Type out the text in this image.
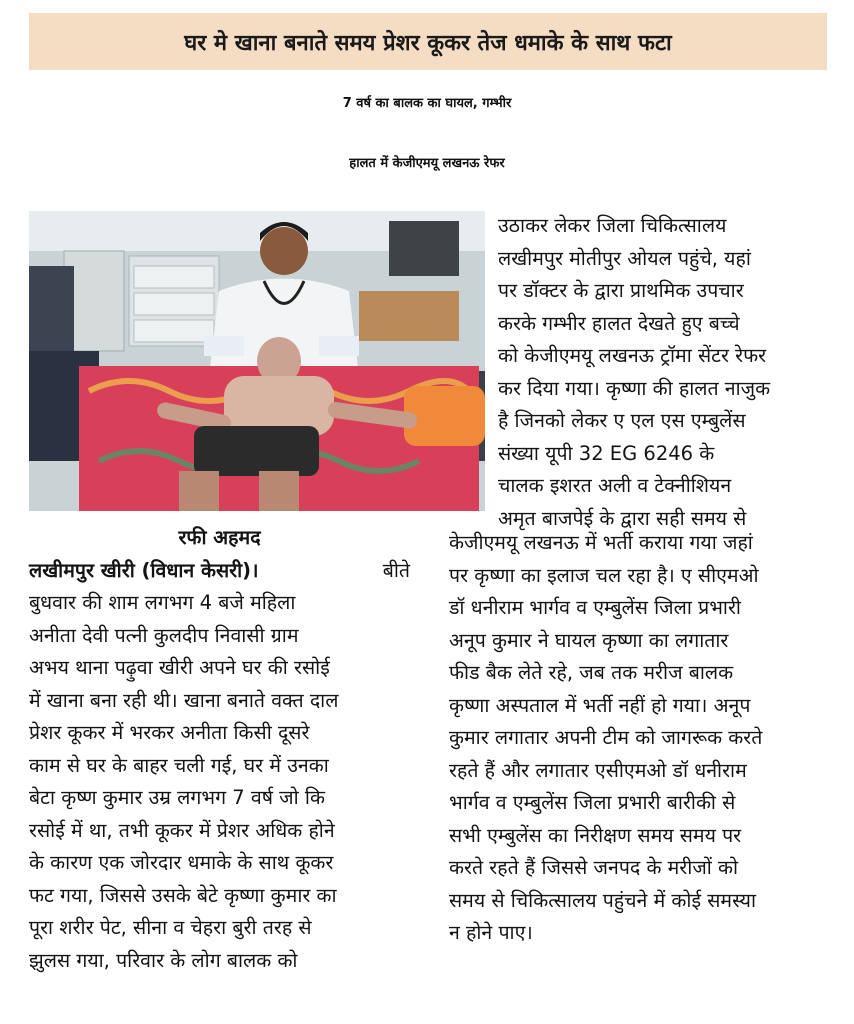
घर मे खाना बनाते समय प्रेशर कूकर तेज धमाके के साथ फटा
7 वर्ष का बालक का घायल, गम्भीर
हालत में केजीएमयू लखनऊ रेफर
उठाकर लेकर जिला चिकित्सालय
लखीमपुर मोतीपुर ओयल पहुंचे, यहां
पर डॉक्टर के द्वारा प्राथमिक उपचार
करके गम्भीर हालत देखते हुए बच्चे
को केजीएमयू लखनऊ ट्रॉमा सेंटर रेफर
कर दिया गया। कृष्णा की हालत नाजुक
है जिनको लेकर ए एल एस एम्बुलेंस
संख्या यूपी 32 EG 6246 के
चालक इशरत अली व टेक्नीशियन
अमृत बाजपेई के द्वारा सही समय से
केजीएमयू लखनऊ में भर्ती कराया गया जहां
पर कृष्णा का इलाज चल रहा है। ए सीएमओ
डॉ धनीराम भार्गव व एम्बुलेंस जिला प्रभारी
अनूप कुमार ने घायल कृष्णा का लगातार
फीड बैक लेते रहे, जब तक मरीज बालक
कृष्णा अस्पताल में भर्ती नहीं हो गया। अनूप
कुमार लगातार अपनी टीम को जागरूक करते
रहते हैं और लगातार एसीएमओ डॉ धनीराम
भार्गव व एम्बुलेंस जिला प्रभारी बारीकी से
सभी एम्बुलेंस का निरीक्षण समय समय पर
करते रहते हैं जिससे जनपद के मरीजों को
समय से चिकित्सालय पहुंचने में कोई समस्या
न होने पाए।
रफी अहमद
लखीमपुर खीरी (विधान केसरी)।	बीते
बुधवार की शाम लगभग 4 बजे महिला
अनीता देवी पत्नी कुलदीप निवासी ग्राम
अभय थाना पढ़ुवा खीरी अपने घर की रसोई
में खाना बना रही थी। खाना बनाते वक्त दाल
प्रेशर कूकर में भरकर अनीता किसी दूसरे
काम से घर के बाहर चली गई, घर में उनका
बेटा कृष्ण कुमार उम्र लगभग 7 वर्ष जो कि
रसोई में था, तभी कूकर में प्रेशर अधिक होने
के कारण एक जोरदार धमाके के साथ कूकर
फट गया, जिससे उसके बेटे कृष्णा कुमार का
पूरा शरीर पेट, सीना व चेहरा बुरी तरह से
झुलस गया, परिवार के लोग बालक को
